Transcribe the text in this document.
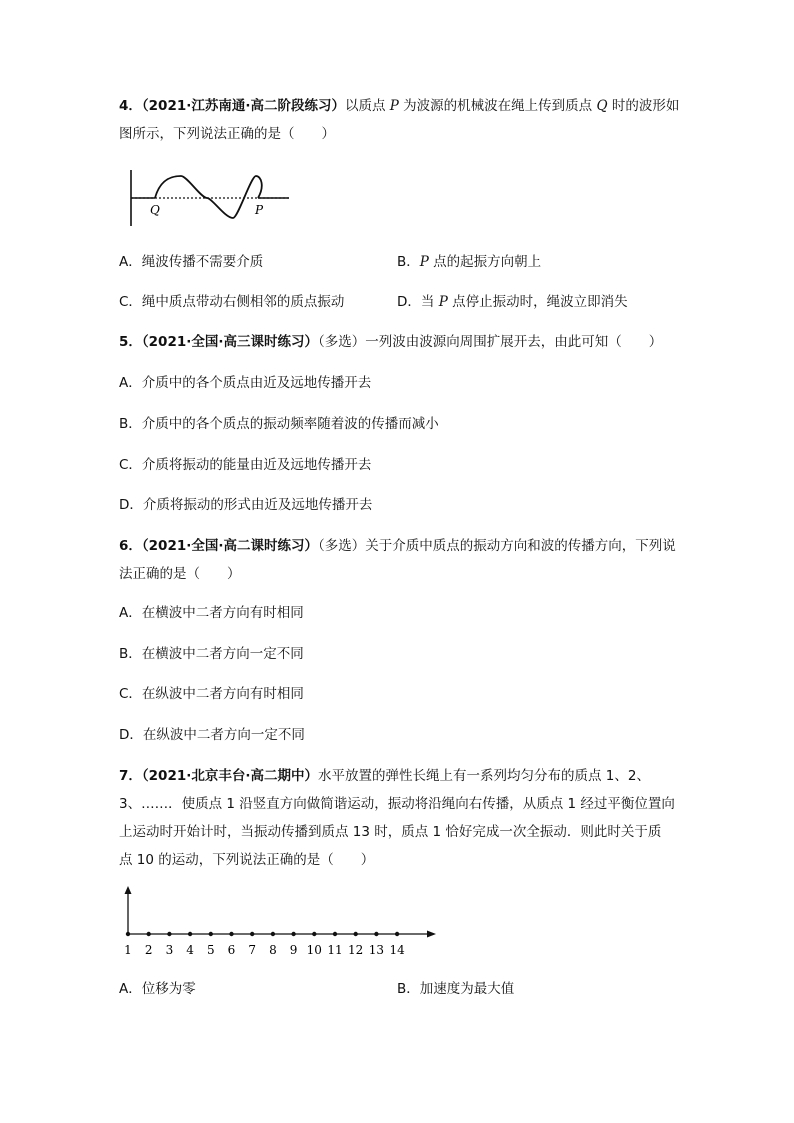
4．（2021·江苏南通·高二阶段练习）以质点 P 为波源的机械波在绳上传到质点 Q 时的波形如
图所示，下列说法正确的是（　　）
Q	P
A．绳波传播不需要介质	B．P 点的起振方向朝上
C．绳中质点带动右侧相邻的质点振动	D．当 P 点停止振动时，绳波立即消失
5．（2021·全国·高三课时练习）（多选）一列波由波源向周围扩展开去，由此可知（　　）
A．介质中的各个质点由近及远地传播开去
B．介质中的各个质点的振动频率随着波的传播而减小
C．介质将振动的能量由近及远地传播开去
D．介质将振动的形式由近及远地传播开去
6．（2021·全国·高二课时练习）（多选）关于介质中质点的振动方向和波的传播方向，下列说
法正确的是（　　）
A．在横波中二者方向有时相同
B．在横波中二者方向一定不同
C．在纵波中二者方向有时相同
D．在纵波中二者方向一定不同
7．（2021·北京丰台·高二期中）水平放置的弹性长绳上有一系列均匀分布的质点 1、2、
3、……．使质点 1 沿竖直方向做简谐运动，振动将沿绳向右传播，从质点 1 经过平衡位置向
上运动时开始计时，当振动传播到质点 13 时，质点 1 恰好完成一次全振动．则此时关于质
点 10 的运动，下列说法正确的是（　　）
1 2 3 4 5 6 7 8 9 10 11 12 13 14
A．位移为零	B．加速度为最大值
